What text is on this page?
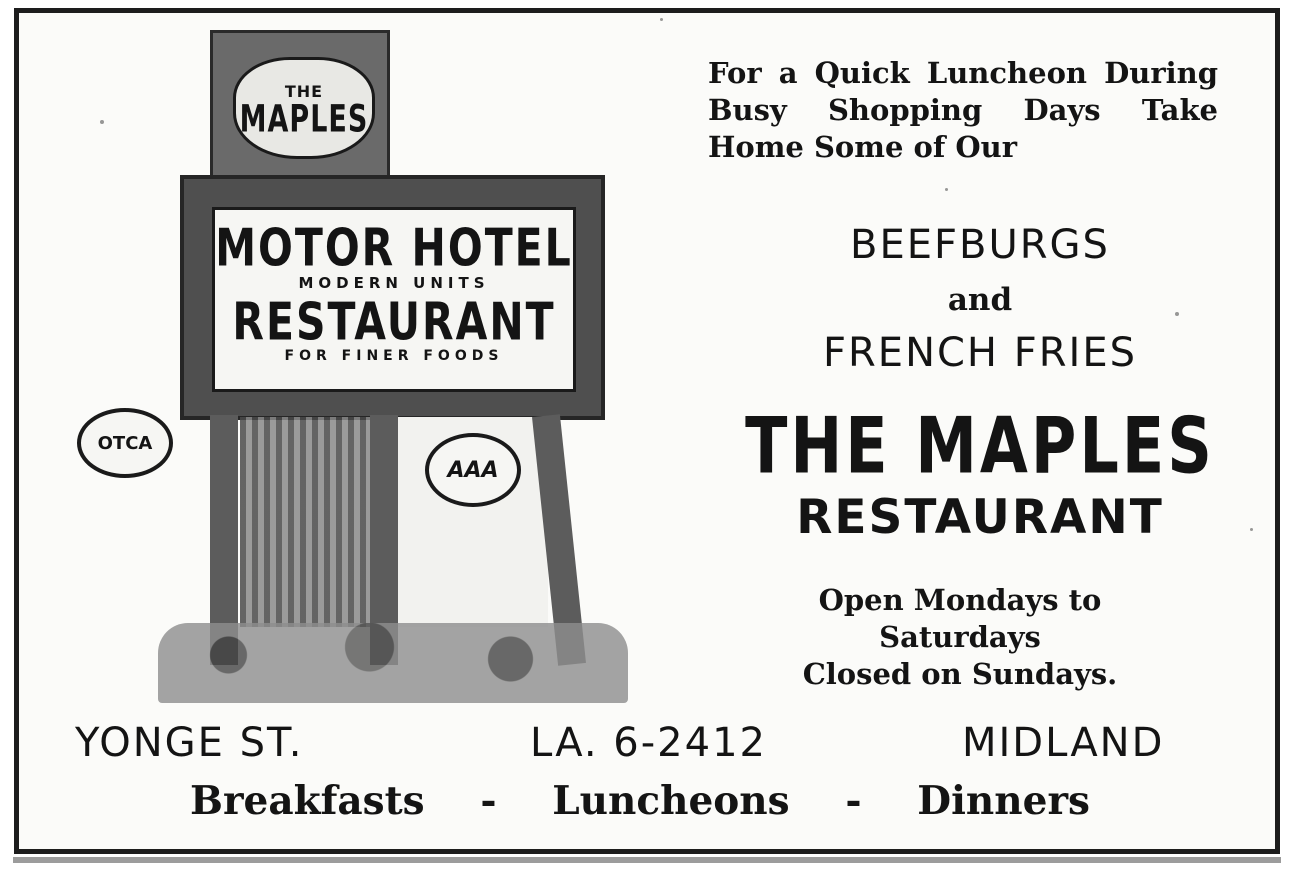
THE
MAPLES
MOTOR HOTEL
MODERN UNITS
RESTAURANT
FOR FINER FOODS
AAA
OTCA
For a Quick Luncheon During Busy Shopping Days Take Home Some of Our
BEEFBURGS
and
FRENCH FRIES
THE MAPLES
RESTAURANT
Open Mondays to
Saturdays
Closed on Sundays.
YONGE ST.	LA. 6-2412	MIDLAND
Breakfasts - Luncheons - Dinners
